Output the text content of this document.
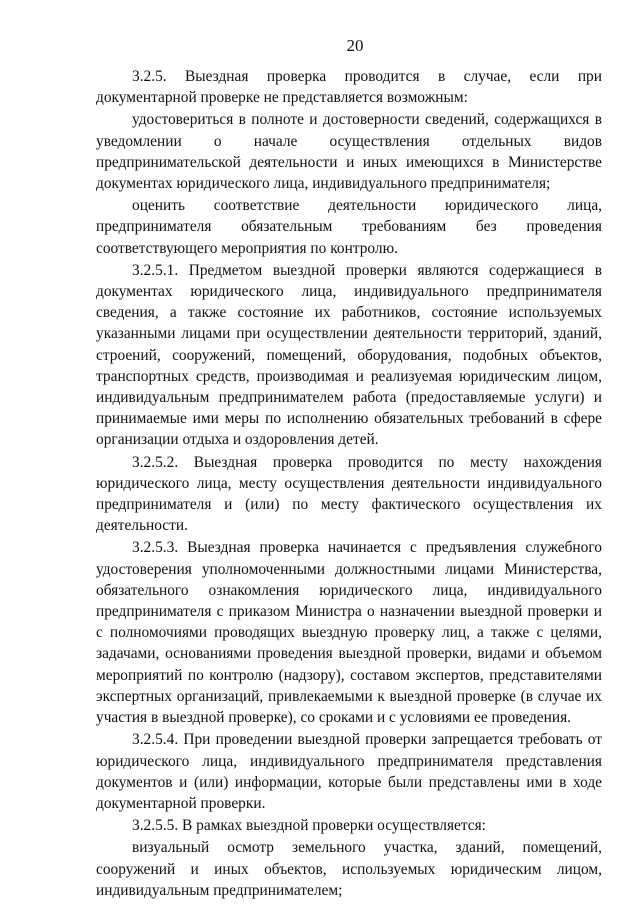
20

3.2.5. Выездная проверка проводится в случае, если при документарной проверке не представляется возможным:

удостовериться в полноте и достоверности сведений, содержащихся в уведомлении о начале осуществления отдельных видов предпринимательской деятельности и иных имеющихся в Министерстве документах юридического лица, индивидуального предпринимателя;

оценить соответствие деятельности юридического лица, предпринимателя обязательным требованиям без проведения соответствующего мероприятия по контролю.

3.2.5.1. Предметом выездной проверки являются содержащиеся в документах юридического лица, индивидуального предпринимателя сведения, а также состояние их работников, состояние используемых указанными лицами при осуществлении деятельности территорий, зданий, строений, сооружений, помещений, оборудования, подобных объектов, транспортных средств, производимая и реализуемая юридическим лицом, индивидуальным предпринимателем работа (предоставляемые услуги) и принимаемые ими меры по исполнению обязательных требований в сфере организации отдыха и оздоровления детей.

3.2.5.2. Выездная проверка проводится по месту нахождения юридического лица, месту осуществления деятельности индивидуального предпринимателя и (или) по месту фактического осуществления их деятельности.

3.2.5.3. Выездная проверка начинается с предъявления служебного удостоверения уполномоченными должностными лицами Министерства, обязательного ознакомления юридического лица, индивидуального предпринимателя с приказом Министра о назначении выездной проверки и с полномочиями проводящих выездную проверку лиц, а также с целями, задачами, основаниями проведения выездной проверки, видами и объемом мероприятий по контролю (надзору), составом экспертов, представителями экспертных организаций, привлекаемыми к выездной проверке (в случае их участия в выездной проверке), со сроками и с условиями ее проведения.

3.2.5.4. При проведении выездной проверки запрещается требовать от юридического лица, индивидуального предпринимателя представления документов и (или) информации, которые были представлены ими в ходе документарной проверки.

3.2.5.5. В рамках выездной проверки осуществляется:

визуальный осмотр земельного участка, зданий, помещений, сооружений и иных объектов, используемых юридическим лицом, индивидуальным предпринимателем;
